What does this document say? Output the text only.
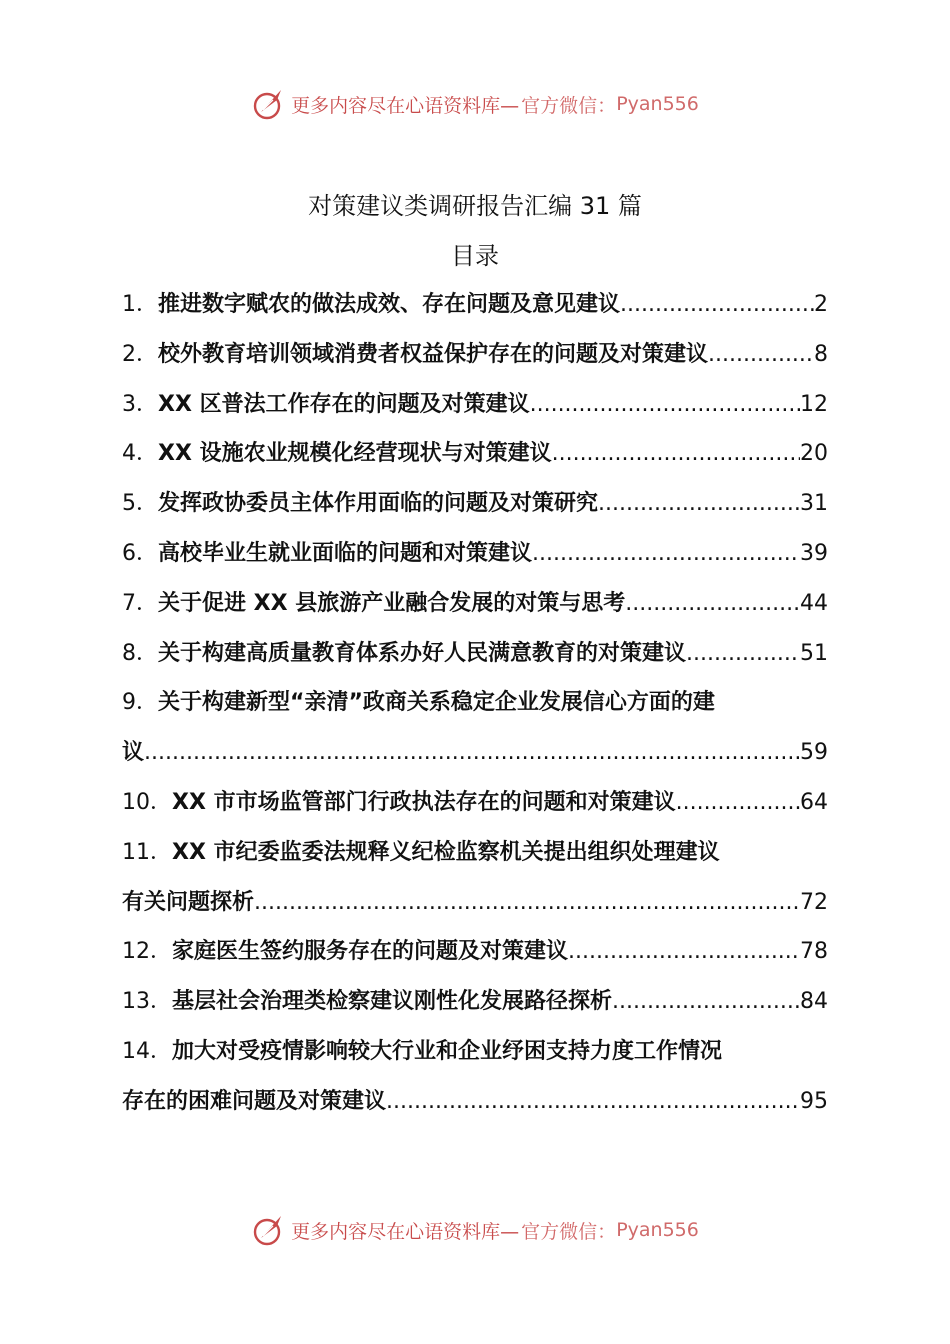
更多内容尽在心语资料库— 官方微信： Pyan556
对策建议类调研报告汇编 31 篇
目录
1．推进数字赋农的做法成效、存在问题及意见建议 .....	2
2．校外教育培训领域消费者权益保护存在的问题及对策建议 .....	8
3．XX 区普法工作存在的问题及对策建议 .....	12
4．XX 设施农业规模化经营现状与对策建议 .....	20
5．发挥政协委员主体作用面临的问题及对策研究 .....	31
6．高校毕业生就业面临的问题和对策建议 .....	39
7．关于促进 XX 县旅游产业融合发展的对策与思考 .....	44
8．关于构建高质量教育体系办好人民满意教育的对策建议 .....	51
9．关于构建新型“亲清”政商关系稳定企业发展信心方面的建
议 .....	59
10．XX 市市场监管部门行政执法存在的问题和对策建议 .....	64
11．XX 市纪委监委法规释义纪检监察机关提出组织处理建议
有关问题探析 .....	72
12．家庭医生签约服务存在的问题及对策建议 .....	78
13．基层社会治理类检察建议刚性化发展路径探析 .....	84
14．加大对受疫情影响较大行业和企业纾困支持力度工作情况
存在的困难问题及对策建议 .....	95
更多内容尽在心语资料库— 官方微信： Pyan556
